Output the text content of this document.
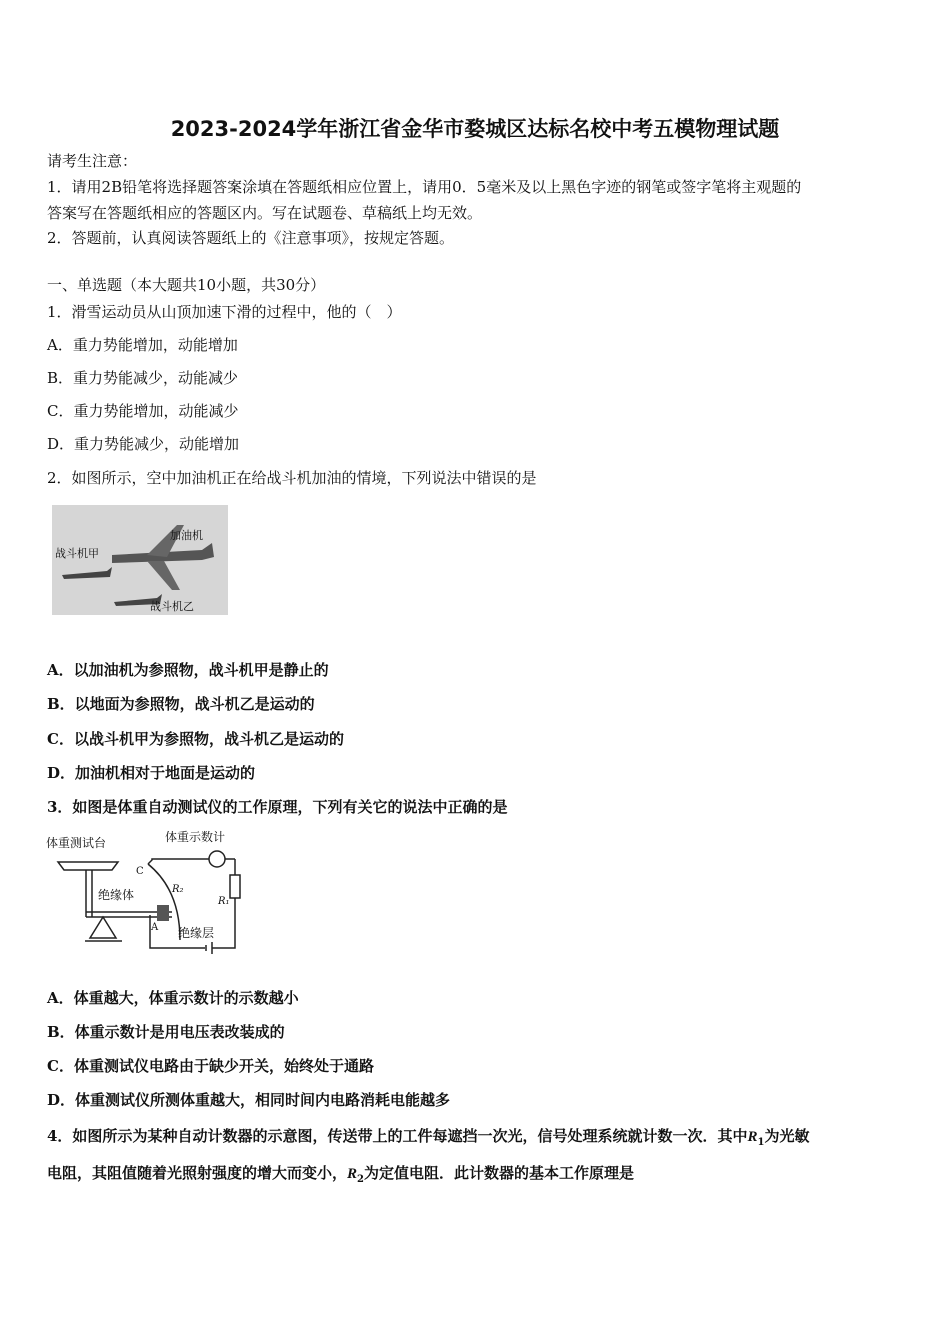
2023-2024学年浙江省金华市婺城区达标名校中考五模物理试题
请考生注意：
1．请用2B铅笔将选择题答案涂填在答题纸相应位置上，请用0．5毫米及以上黑色字迹的钢笔或签字笔将主观题的
答案写在答题纸相应的答题区内。写在试题卷、草稿纸上均无效。
2．答题前，认真阅读答题纸上的《注意事项》，按规定答题。
一、单选题（本大题共10小题，共30分）
1．滑雪运动员从山顶加速下滑的过程中，他的（　）
A．重力势能增加，动能增加
B．重力势能减少，动能减少
C．重力势能增加，动能减少
D．重力势能减少，动能增加
2．如图所示，空中加油机正在给战斗机加油的情境，下列说法中错误的是
加油机
战斗机甲
战斗机乙
A．以加油机为参照物，战斗机甲是静止的
B．以地面为参照物，战斗机乙是运动的
C．以战斗机甲为参照物，战斗机乙是运动的
D．加油机相对于地面是运动的
3．如图是体重自动测试仪的工作原理，下列有关它的说法中正确的是
体重测试台	体重示数计
绝缘体
绝缘层
C
A
R₂
R₁
A．体重越大，体重示数计的示数越小
B．体重示数计是用电压表改装成的
C．体重测试仪电路由于缺少开关，始终处于通路
D．体重测试仪所测体重越大，相同时间内电路消耗电能越多
4．如图所示为某种自动计数器的示意图，传送带上的工件每遮挡一次光，信号处理系统就计数一次．其中$R_1$为光敏
电阻，其阻值随着光照射强度的增大而变小，$R_2$为定值电阻．此计数器的基本工作原理是
